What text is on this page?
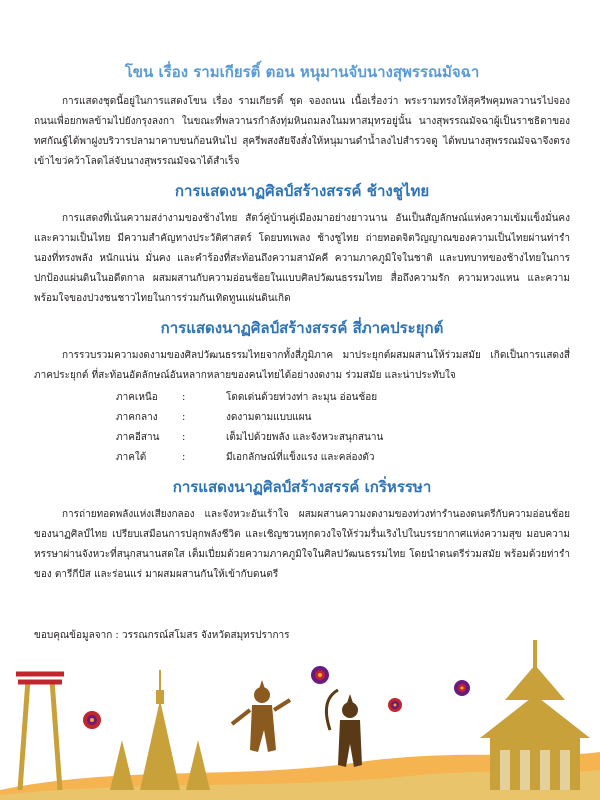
โขน เรื่อง รามเกียรติ์ ตอน หนุมานจับนางสุพรรณมัจฉา

การแสดงชุดนี้อยู่ในการแสดงโขน เรื่อง รามเกียรติ์ ชุด จองถนน เนื้อเรื่องว่า พระรามทรงให้สุครีพคุมพลวานรไปจองถนนเพื่อยกพลข้ามไปยังกรุงลงกา ในขณะที่พลวานรกำลังทุ่มหินถมลงในมหาสมุทรอยู่นั้น นางสุพรรณมัจฉาผู้เป็นราชธิดาของทศกัณฐ์ได้พาฝูงบริวารปลามาคาบขนก้อนหินไป สุครีพสงสัยจึงสั่งให้หนุมานดำน้ำลงไปสำรวจดู ได้พบนางสุพรรณมัจฉาจึงตรงเข้าไขว่คว้าโลดไล่จับนางสุพรรณมัจฉาได้สำเร็จ

การแสดงนาฏศิลป์สร้างสรรค์ ช้างชูไทย

การแสดงที่เน้นความสง่างามของช้างไทย สัตว์คู่บ้านคู่เมืองมาอย่างยาวนาน อันเป็นสัญลักษณ์แห่งความเข้มแข็งมั่นคง และความเป็นไทย มีความสำคัญทางประวัติศาสตร์ โดยบทเพลง ช้างชูไทย ถ่ายทอดจิตวิญญาณของความเป็นไทยผ่านท่ารำนองที่ทรงพลัง หนักแน่น มั่นคง และคำร้องที่สะท้อนถึงความสามัคคี ความภาคภูมิใจในชาติ และบทบาทของช้างไทยในการปกป้องแผ่นดินในอดีตกาล ผสมผสานกับความอ่อนช้อยในแบบศิลปวัฒนธรรมไทย สื่อถึงความรัก ความหวงแหน และความพร้อมใจของปวงชนชาวไทยในการร่วมกันเทิดทูนแผ่นดินเกิด

การแสดงนาฏศิลป์สร้างสรรค์ สี่ภาคประยุกต์

การรวบรวมความงดงามของศิลปวัฒนธรรมไทยจากทั้งสี่ภูมิภาค มาประยุกต์ผสมผสานให้ร่วมสมัย เกิดเป็นการแสดงสี่ภาคประยุกต์ ที่สะท้อนอัตลักษณ์อันหลากหลายของคนไทยได้อย่างงดงาม ร่วมสมัย และน่าประทับใจ

ภาคเหนือ	:	โดดเด่นด้วยท่วงท่า ละมุน อ่อนช้อย
ภาคกลาง	:	งดงามตามแบบแผน
ภาคอีสาน	:	เต็มไปด้วยพลัง และจังหวะสนุกสนาน
ภาคใต้	:	มีเอกลักษณ์ที่แข็งแรง และคล่องตัว
การแสดงนาฏศิลป์สร้างสรรค์ เกริ่หรรษา

การถ่ายทอดพลังแห่งเสียงกลอง และจังหวะอันเร้าใจ ผสมผสานความงดงามของท่วงท่ารำนองดนตรีกับความอ่อนช้อยของนาฏศิลป์ไทย เปรียบเสมือนการปลุกพลังชีวิต และเชิญชวนทุกดวงใจให้ร่วมรื่นเริงไปในบรรยากาศแห่งความสุข มอบความหรรษาผ่านจังหวะที่สนุกสนานสดใส เต็มเปี่ยมด้วยความภาคภูมิใจในศิลปวัฒนธรรมไทย โดยนำดนตรีร่วมสมัย พร้อมด้วยท่ารำของ ตารีกีปัส และร่อนแร่ มาผสมผสานกันให้เข้ากับดนตรี

ขอบคุณข้อมูลจาก : วรรณกรณ์สโมสร จังหวัดสมุทรปราการ
